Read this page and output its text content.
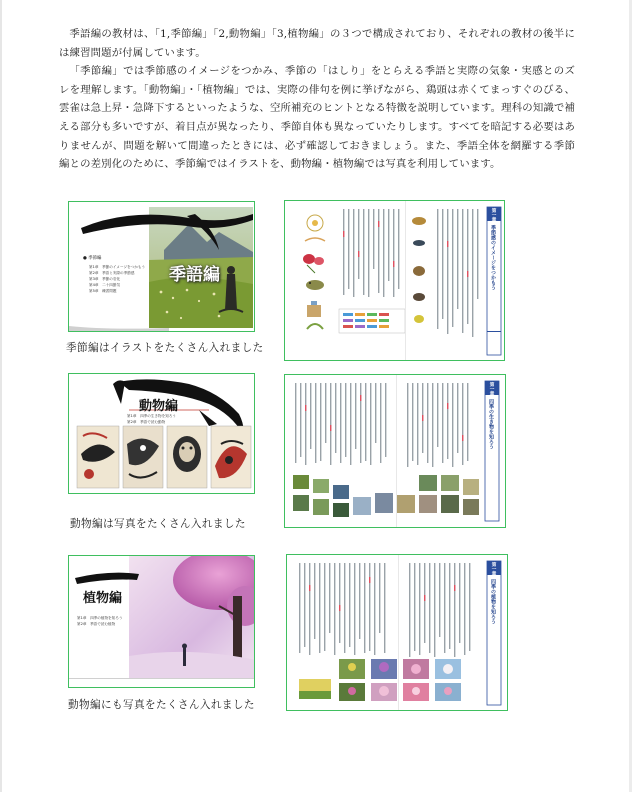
季語編の教材は、「1,季節編」「2,動物編」「3,植物編」の３つで構成されており、それぞれの教材の後半には練習問題が付属しています。

「季節編」では季節感のイメージをつかみ、季節の「はしり」をとらえる季語と実際の気象・実感とのズレを理解します。「動物編」・「植物編」では、実際の俳句を例に挙げながら、鶏頭は赤くてまっすぐのびる、雲雀は急上昇・急降下するといったような、空所補充のヒントとなる特徴を説明しています。理科の知識で補える部分も多いですが、着目点が異なったり、季節自体も異なっていたりします。すべてを暗記する必要はありませんが、問題を解いて間違ったときには、必ず確認しておきましょう。また、季語全体を網羅する季節編との差別化のために、季節編ではイラストを、動物編・植物編では写真を利用しています。

季語編
● 季節編
第1章　季節のイメージをつかもう
第2章　季語と実際の季節感
第3章　季節の変化
第4章　二十四節気
第5章　練習問題
季節編はイラストをたくさん入れました
第一章
季節感のイメージをつかもう
動物編
第1章　四季の生き物を知ろう
第2章　季語で読む動物
動物編は写真をたくさん入れました
第一章
四季の生き物を知ろう
植物編
第1章　四季の植物を知ろう
第2章　季語で読む植物
動物編にも写真をたくさん入れました
第一章
四季の植物を知ろう
